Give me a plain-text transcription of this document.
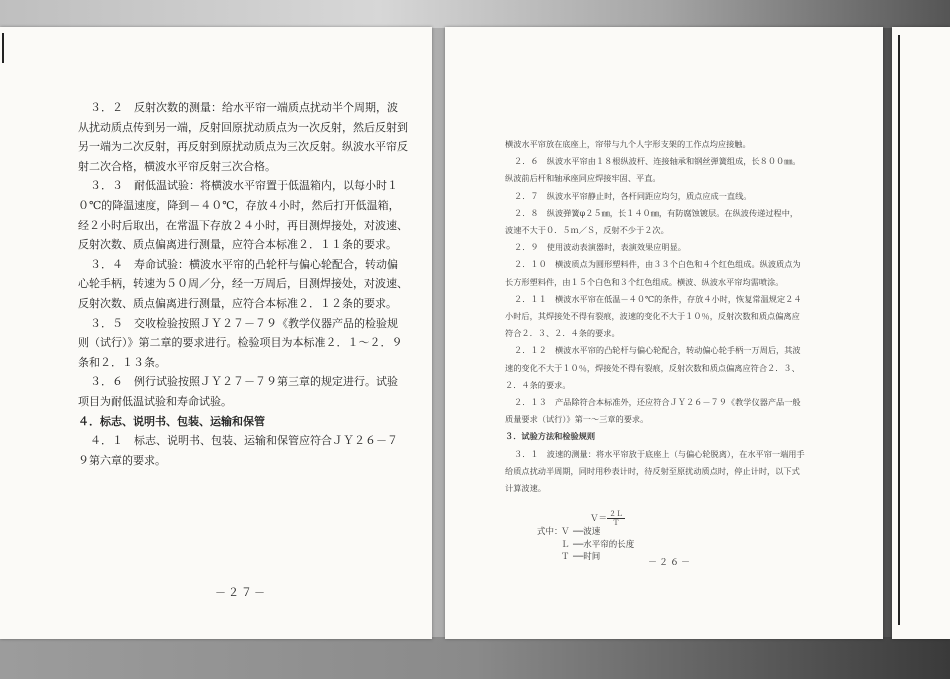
３．２　反射次数的测量：给水平帘一端质点扰动半个周期，波从扰动质点传到另一端，反射回原扰动质点为一次反射，然后反射到另一端为二次反射，再反射到原扰动质点为三次反射。纵波水平帘反射二次合格，横波水平帘反射三次合格。

３．３　耐低温试验：将横波水平帘置于低温箱内，以每小时１０℃的降温速度，降到－４０℃，存放４小时，然后打开低温箱，经２小时后取出，在常温下存放２４小时，再目测焊接处，对波速、反射次数、质点偏离进行测量，应符合本标准２．１１条的要求。

３．４　寿命试验：横波水平帘的凸轮杆与偏心轮配合，转动偏心轮手柄，转速为５０周／分，经一万周后，目测焊接处，对波速、反射次数、质点偏离进行测量，应符合本标准２．１２条的要求。

３．５　交收检验按照ＪＹ２７－７９《教学仪器产品的检验规则（试行）》第二章的要求进行。检验项目为本标准２．１～２．９条和２．１３条。

３．６　例行试验按照ＪＹ２７－７９第三章的规定进行。试验项目为耐低温试验和寿命试验。

４．标志、说明书、包装、运输和保管

４．１　标志、说明书、包装、运输和保管应符合ＪＹ２６－７９第六章的要求。

－２７－

横波水平帘放在底座上，帘带与九个人字形支架的工作点均应接触。

２．６　纵波水平帘由１８根纵波杆、连接轴承和钢丝弹簧组成，长８００㎜。纵波前后杆和轴承座同应焊接牢固、平直。

２．７　纵波水平帘静止时，各杆同距应均匀，质点应成一直线。

２．８　纵波弹簧φ２５㎜，长１４０㎜，有防腐蚀镀层。在纵波传递过程中，波速不大于０．５ｍ／Ｓ，反射不少于２次。

２．９　使用波动表演器时，表演效果应明显。

２．１０　横波质点为圆形塑料件，由３３个白色和４个红色组成。纵波质点为长方形塑料件，由１５个白色和３个红色组成。横波、纵波水平帘均需喷涂。

２．１１　横波水平帘在低温－４０℃的条件，存放４小时，恢复常温规定２４小时后，其焊接处不得有裂痕，波速的变化不大于１０％，反射次数和质点偏离应符合２．３、２．４条的要求。

２．１２　横波水平帘的凸轮杆与偏心轮配合，转动偏心轮手柄一万周后，其波速的变化不大于１０％，焊接处不得有裂痕，反射次数和质点偏离应符合２．３、２．４条的要求。

２．１３　产品除符合本标准外，还应符合ＪＹ２６－７９《教学仪器产品一般质量要求（试行）》第一～三章的要求。

３．试验方法和检验规则

３．１　波速的测量：将水平帘放于底座上（与偏心轮脱离），在水平帘一端用手给质点扰动半周期，同时用秒表计时，待反射至原扰动质点时，停止计时，以下式计算波速。

Ｖ＝ $\frac{\text{２Ｌ}}{\text{Ｔ}}$
式中：Ｖ ──波速
Ｌ ──水平帘的长度
Ｔ ──时间
－２６－
